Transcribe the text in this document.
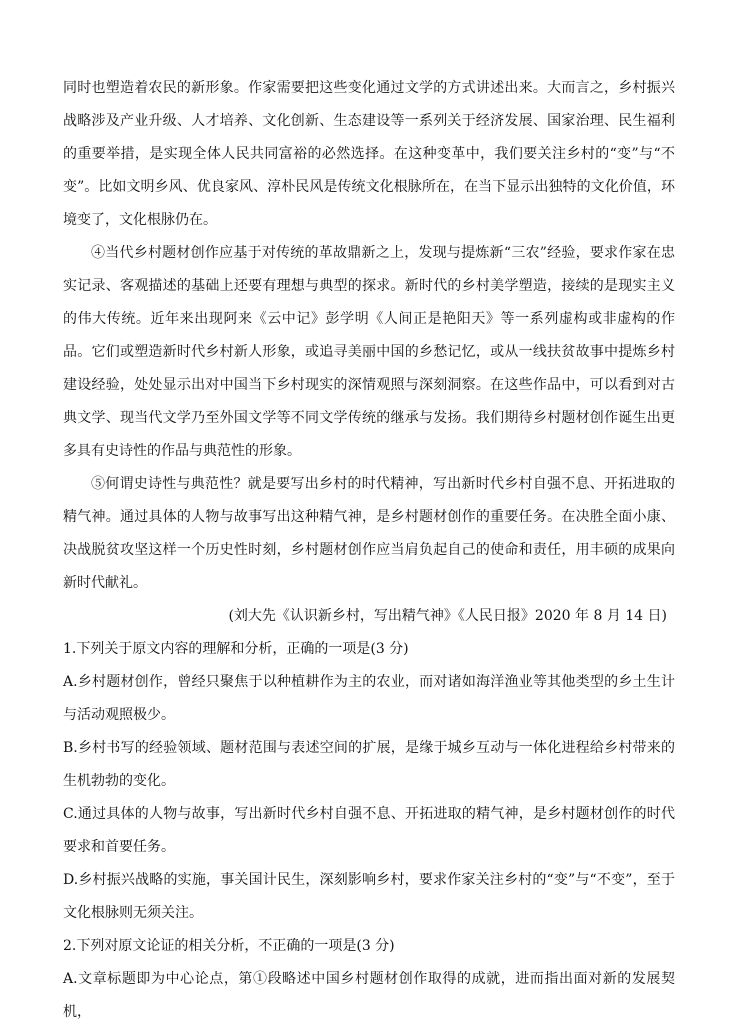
同时也塑造着农民的新形象。作家需要把这些变化通过文学的方式讲述出来。大而言之，乡村振兴战略涉及产业升级、人才培养、文化创新、生态建设等一系列关于经济发展、国家治理、民生福利的重要举措，是实现全体人民共同富裕的必然选择。在这种变革中，我们要关注乡村的“变”与“不变”。比如文明乡风、优良家风、淳朴民风是传统文化根脉所在，在当下显示出独特的文化价值，环境变了，文化根脉仍在。

④当代乡村题材创作应基于对传统的革故鼎新之上，发现与提炼新“三农”经验，要求作家在忠实记录、客观描述的基础上还要有理想与典型的探求。新时代的乡村美学塑造，接续的是现实主义的伟大传统。近年来出现阿来《云中记》彭学明《人间正是艳阳天》等一系列虚构或非虚构的作品。它们或塑造新时代乡村新人形象，或追寻美丽中国的乡愁记忆，或从一线扶贫故事中提炼乡村建设经验，处处显示出对中国当下乡村现实的深情观照与深刻洞察。在这些作品中，可以看到对古典文学、现当代文学乃至外国文学等不同文学传统的继承与发扬。我们期待乡村题材创作诞生出更多具有史诗性的作品与典范性的形象。

⑤何谓史诗性与典范性？就是要写出乡村的时代精神，写出新时代乡村自强不息、开拓进取的精气神。通过具体的人物与故事写出这种精气神，是乡村题材创作的重要任务。在决胜全面小康、决战脱贫攻坚这样一个历史性时刻，乡村题材创作应当肩负起自己的使命和责任，用丰硕的成果向新时代献礼。

(刘大先《认识新乡村，写出精气神》《人民日报》2020 年 8 月 14 日)

1.下列关于原文内容的理解和分析，正确的一项是(3 分)

A.乡村题材创作，曾经只聚焦于以种植耕作为主的农业，而对诸如海洋渔业等其他类型的乡土生计与活动观照极少。

B.乡村书写的经验领域、题材范围与表述空间的扩展，是缘于城乡互动与一体化进程给乡村带来的生机勃勃的变化。

C.通过具体的人物与故事，写出新时代乡村自强不息、开拓进取的精气神，是乡村题材创作的时代要求和首要任务。

D.乡村振兴战略的实施，事关国计民生，深刻影响乡村，要求作家关注乡村的“变”与“不变”，至于文化根脉则无须关注。

2.下列对原文论证的相关分析，不正确的一项是(3 分)

A.文章标题即为中心论点，第①段略述中国乡村题材创作取得的成就，进而指出面对新的发展契机，
